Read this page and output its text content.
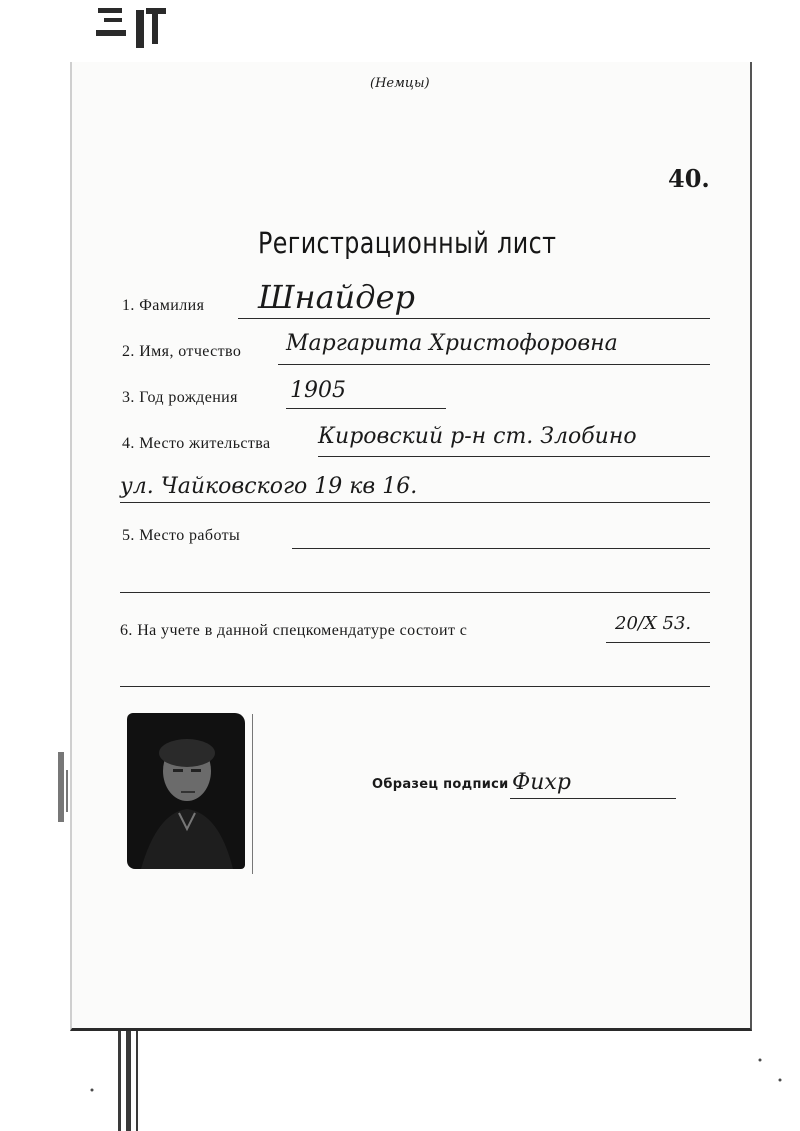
(Немцы)
40.
Регистрационный лист
1. Фамилия Шнайдер
2. Имя, отчество Маргарита Христофоровна
3. Год рождения 1905
4. Место жительства Кировский р-н ст. Злобино
ул. Чайковского 19 кв 16.
5. Место работы
6. На учете в данной спецкомендатуре состоит с	20/X 53.
Образец подписи Фихр
